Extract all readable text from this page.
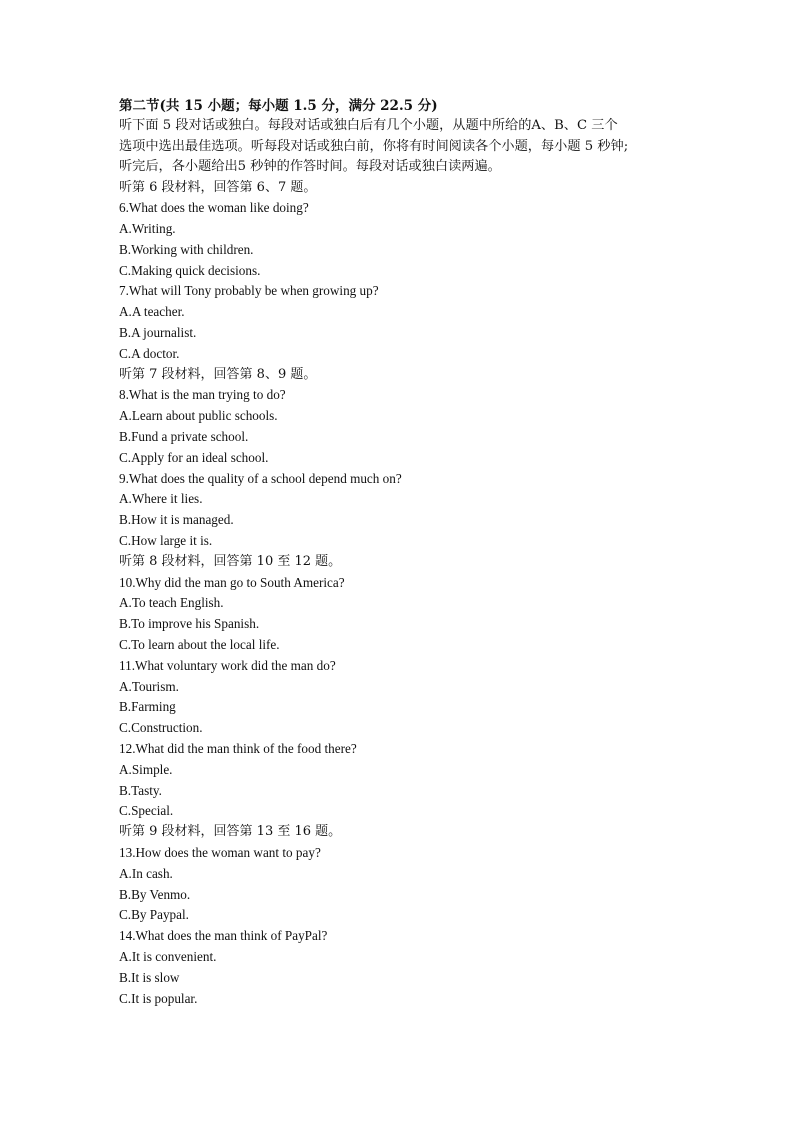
第二节(共 15 小题；每小题 1.5 分，满分 22.5 分)
听下面 5 段对话或独白。每段对话或独白后有几个小题，从题中所给的A、B、C 三个
选项中选出最佳选项。听每段对话或独白前，你将有时间阅读各个小题，每小题 5 秒钟;
听完后，各小题给出5 秒钟的作答时间。每段对话或独白读两遍。
听第 6 段材料，回答第 6、7 题。
6.What does the woman like doing?
A.Writing.
B.Working with children.
C.Making quick decisions.
7.What will Tony probably be when growing up?
A.A teacher.
B.A journalist.
C.A doctor.
听第 7 段材料，回答第 8、9 题。
8.What is the man trying to do?
A.Learn about public schools.
B.Fund a private school.
C.Apply for an ideal school.
9.What does the quality of a school depend much on?
A.Where it lies.
B.How it is managed.
C.How large it is.
听第 8 段材料，回答第 10 至 12 题。
10.Why did the man go to South America?
A.To teach English.
B.To improve his Spanish.
C.To learn about the local life.
11.What voluntary work did the man do?
A.Tourism.
B.Farming
C.Construction.
12.What did the man think of the food there?
A.Simple.
B.Tasty.
C.Special.
听第 9 段材料，回答第 13 至 16 题。
13.How does the woman want to pay?
A.In cash.
B.By Venmo.
C.By Paypal.
14.What does the man think of PayPal?
A.It is convenient.
B.It is slow
C.It is popular.
